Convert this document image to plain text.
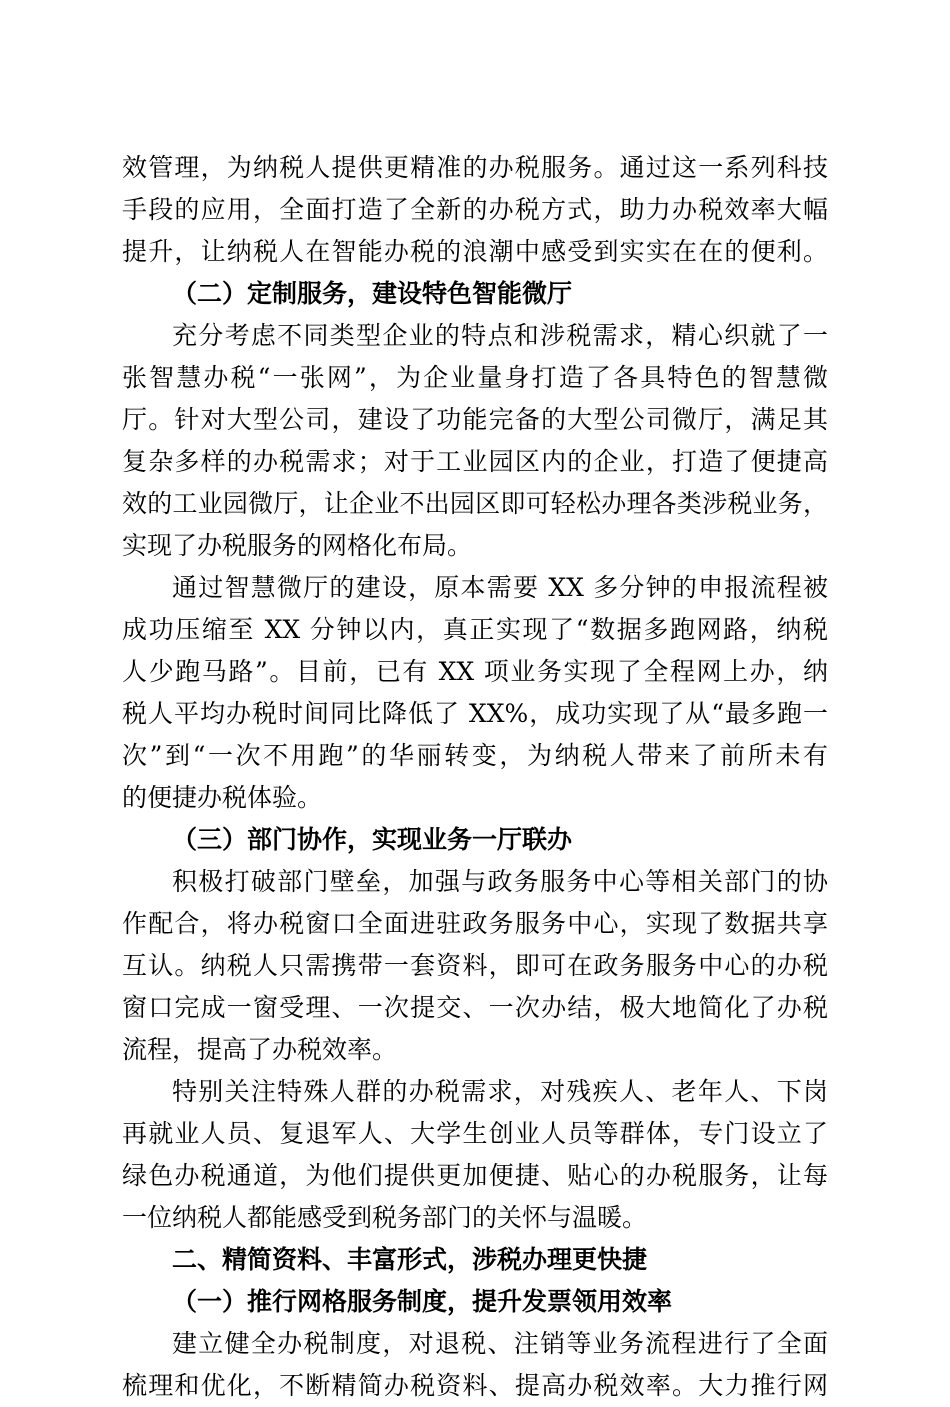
效管理，为纳税人提供更精准的办税服务。通过这一系列科技
手段的应用，全面打造了全新的办税方式，助力办税效率大幅
提升，让纳税人在智能办税的浪潮中感受到实实在在的便利。
（二）定制服务，建设特色智能微厅
充分考虑不同类型企业的特点和涉税需求，精心织就了一
张智慧办税“一张网”，为企业量身打造了各具特色的智慧微
厅。针对大型公司，建设了功能完备的大型公司微厅，满足其
复杂多样的办税需求；对于工业园区内的企业，打造了便捷高
效的工业园微厅，让企业不出园区即可轻松办理各类涉税业务，
实现了办税服务的网格化布局。
通过智慧微厅的建设，原本需要 XX 多分钟的申报流程被
成功压缩至 XX 分钟以内，真正实现了“数据多跑网路，纳税
人少跑马路”。目前，已有 XX 项业务实现了全程网上办，纳
税人平均办税时间同比降低了 XX%，成功实现了从“最多跑一
次”到“一次不用跑”的华丽转变，为纳税人带来了前所未有
的便捷办税体验。
（三）部门协作，实现业务一厅联办
积极打破部门壁垒，加强与政务服务中心等相关部门的协
作配合，将办税窗口全面进驻政务服务中心，实现了数据共享
互认。纳税人只需携带一套资料，即可在政务服务中心的办税
窗口完成一窗受理、一次提交、一次办结，极大地简化了办税
流程，提高了办税效率。
特别关注特殊人群的办税需求，对残疾人、老年人、下岗
再就业人员、复退军人、大学生创业人员等群体，专门设立了
绿色办税通道，为他们提供更加便捷、贴心的办税服务，让每
一位纳税人都能感受到税务部门的关怀与温暖。
二、精简资料、丰富形式，涉税办理更快捷
（一）推行网格服务制度，提升发票领用效率
建立健全办税制度，对退税、注销等业务流程进行了全面
梳理和优化，不断精简办税资料、提高办税效率。大力推行网
